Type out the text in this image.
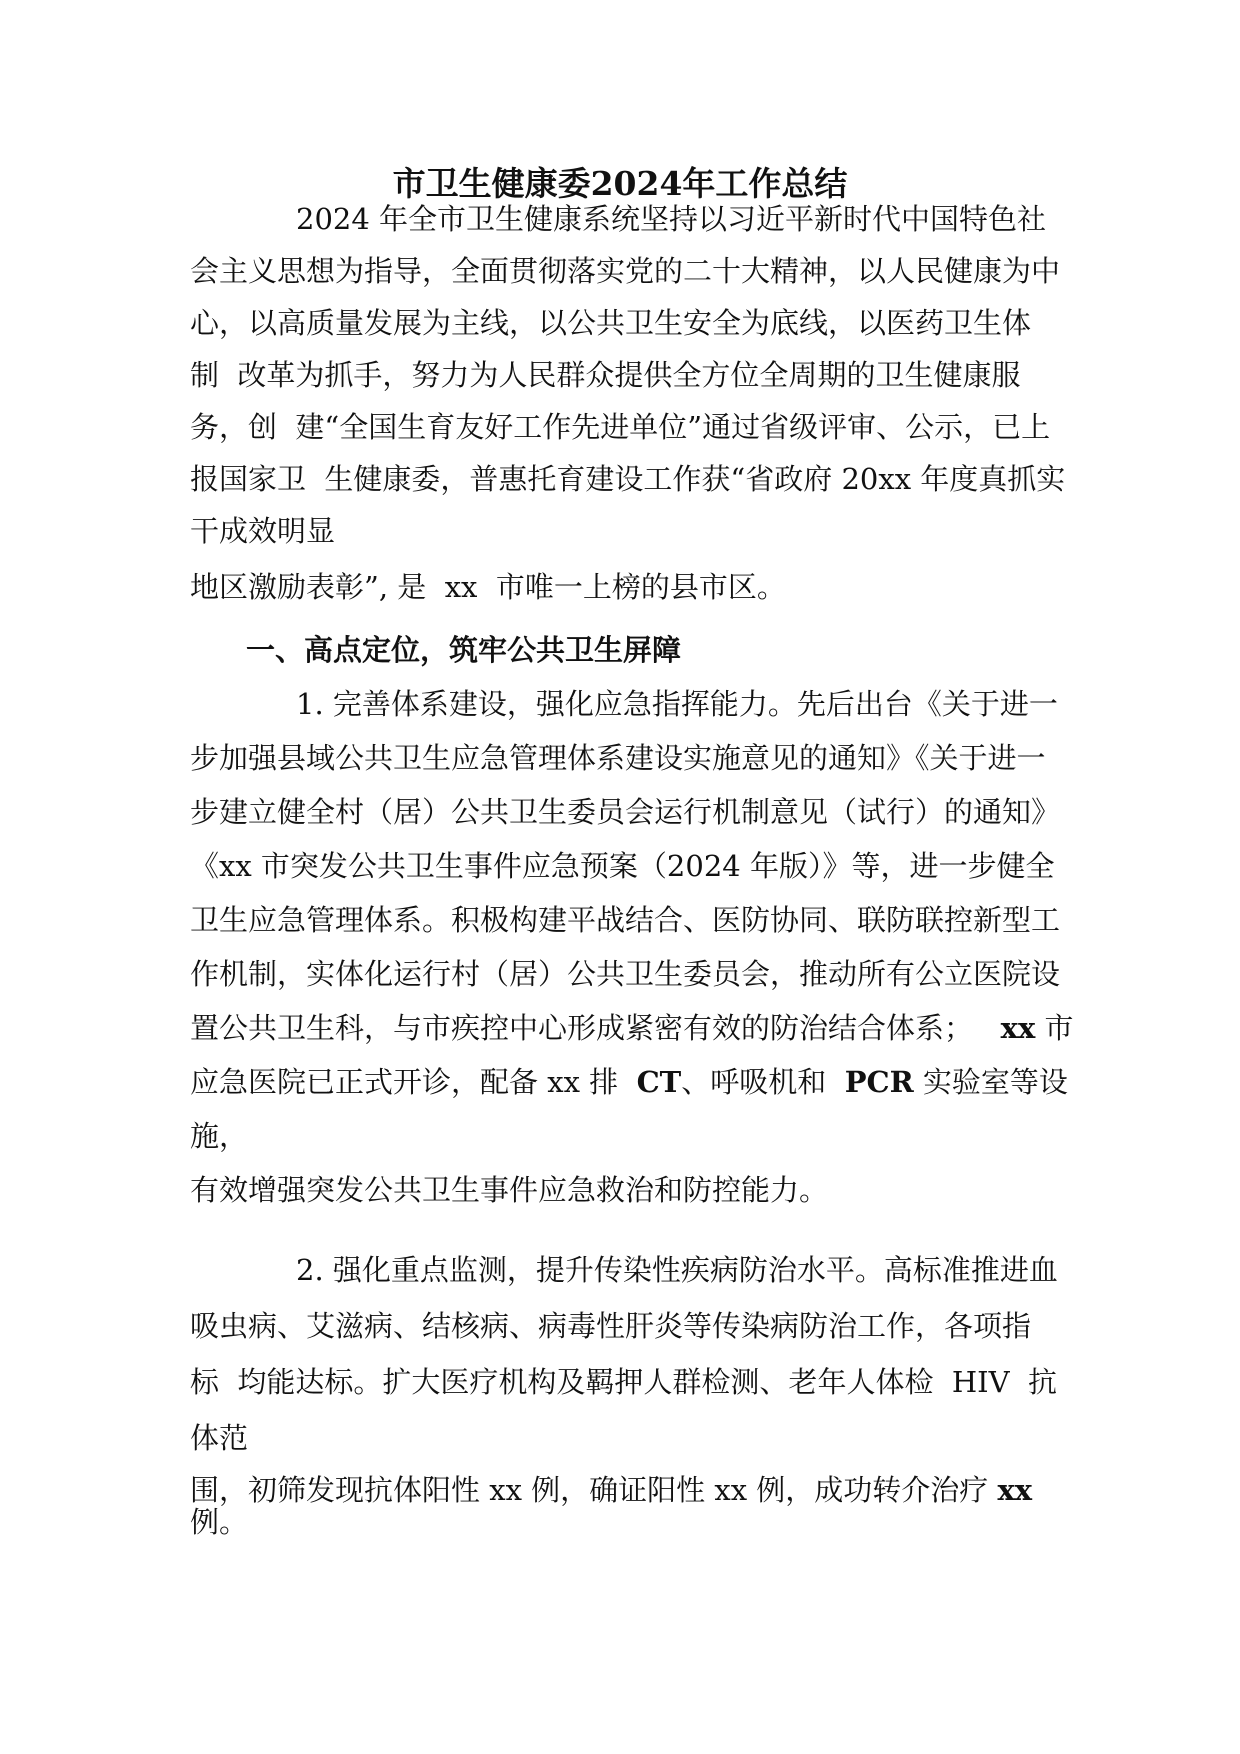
市卫生健康委2024年工作总结

2024 年全市卫生健康系统坚持以习近平新时代中国特色社

会主义思想为指导，全面贯彻落实党的二十大精神，以人民健康为中

心，以高质量发展为主线，以公共卫生安全为底线，以医药卫生体

制  改革为抓手，努力为人民群众提供全方位全周期的卫生健康服

务，创  建“全国生育友好工作先进单位”通过省级评审、公示，已上

报国家卫  生健康委，普惠托育建设工作获“省政府 20xx 年度真抓实

干成效明显

地区激励表彰”, 是  xx  市唯一上榜的县市区。

一、高点定位，筑牢公共卫生屏障

1. 完善体系建设，强化应急指挥能力。先后出台《关于进一

步加强县域公共卫生应急管理体系建设实施意见的通知》《关于进一

步建立健全村（居）公共卫生委员会运行机制意见（试行）的通知》

《xx 市突发公共卫生事件应急预案（2024 年版）》等，进一步健全

卫生应急管理体系。积极构建平战结合、医防协同、联防联控新型工

作机制，实体化运行村（居）公共卫生委员会，推动所有公立医院设

置公共卫生科，与市疾控中心形成紧密有效的防治结合体系； xx 市

应急医院已正式开诊，配备 xx 排  CT、呼吸机和  PCR 实验室等设

施，

有效增强突发公共卫生事件应急救治和防控能力。

2. 强化重点监测，提升传染性疾病防治水平。高标准推进血

吸虫病、艾滋病、结核病、病毒性肝炎等传染病防治工作，各项指

标  均能达标。扩大医疗机构及羁押人群检测、老年人体检  HIV  抗

体范

围，初筛发现抗体阳性 xx 例，确证阳性 xx 例，成功转介治疗 xx

例。
